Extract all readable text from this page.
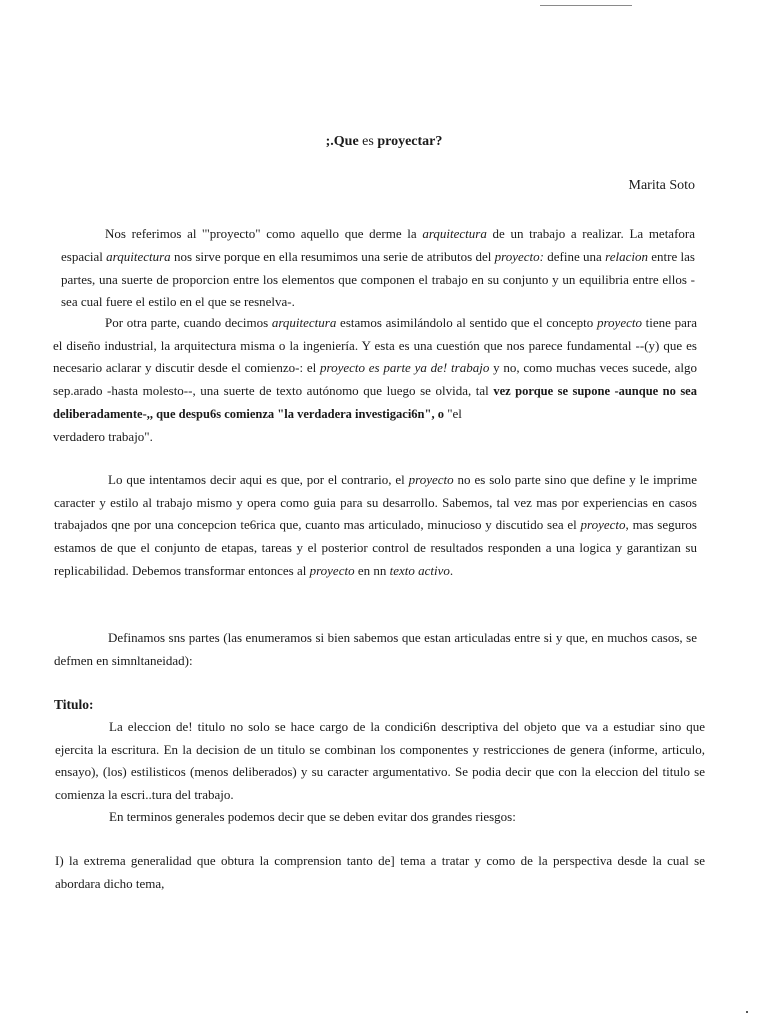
;.Que es proyectar?
Marita Soto

Nos referimos al '"proyecto" como aquello que derme la arquitectura de un trabajo a realizar. La metafora espacial arquitectura nos sirve porque en ella resumimos una serie de atributos del proyecto: define una relacion entre las partes, una suerte de proporcion entre los elementos que componen el trabajo en su conjunto y un equilibria entre ellos -sea cual fuere el estilo en el que se resnelva-.

Por otra parte, cuando decimos arquitectura estamos asimilándolo al sentido que el concepto proyecto tiene para el diseño industrial, la arquitectura misma o la ingeniería. Y esta es una cuestión que nos parece fundamental --(y) que es necesario aclarar y discutir desde el comienzo-: el proyecto es parte ya de! trabajo y no, como muchas veces sucede, algo sep.arado -hasta molesto--, una suerte de texto autónomo que luego se olvida, tal vez porque se supone -aunque no sea deliberadamente-,, que despu6s comienza "la verdadera investigaci6n", o "el
verdadero trabajo".

Lo que intentamos decir aqui es que, por el contrario, el proyecto no es solo parte sino que define y le imprime caracter y estilo al trabajo mismo y opera como guia para su desarrollo. Sabemos, tal vez mas por experiencias en casos trabajados qne por una concepcion te6rica que, cuanto mas articulado, minucioso y discutido sea el proyecto, mas seguros estamos de que el conjunto de etapas, tareas y el posterior control de resultados responden a una logica y garantizan su replicabilidad. Debemos transformar entonces al proyecto en nn texto activo.

Definamos sns partes (las enumeramos si bien sabemos que estan articuladas entre si y que, en muchos casos, se defmen en simnltaneidad):

Titulo:

La eleccion de! titulo no solo se hace cargo de la condici6n descriptiva del objeto que va a estudiar sino que ejercita la escritura. En la decision de un titulo se combinan los componentes y restricciones de genera (informe, articulo, ensayo), (los) estilisticos (menos deliberados) y su caracter argumentativo. Se podia decir que con la eleccion del titulo se comienza la escri..tura del trabajo.

En terminos generales podemos decir que se deben evitar dos grandes riesgos:

I) la extrema generalidad que obtura la comprension tanto de] tema a tratar y como de la perspectiva desde la cual se abordara dicho tema,
